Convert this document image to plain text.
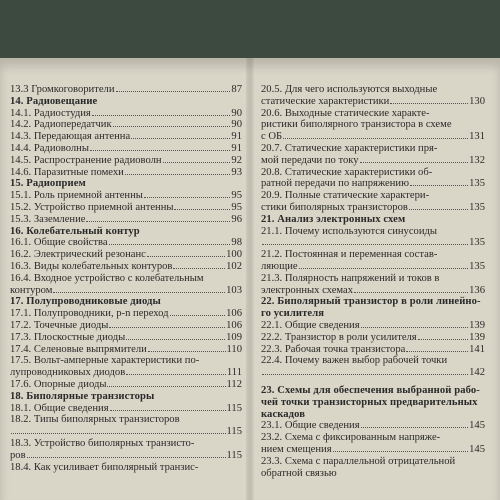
13.3 Громкоговорители	87
14. Радиовещание
14.1. Радиостудия	90
14.2. Радиопередатчик	90
14.3. Передающая антенна	91
14.4. Радиоволны	91
14.5. Распространение радиоволн	92
14.6. Паразитные помехи	93
15. Радиоприем
15.1. Роль приемной антенны	95
15.2. Устройство приемной антенны	95
15.3. Заземление	96
16. Колебательный контур
16.1. Общие свойства	98
16.2. Электрический резонанс	100
16.3. Виды колебательных контуров	102
16.4. Входное устройство с колебательным
контуром	103
17. Полупроводниковые диоды
17.1. Полупроводники, p-n переход	106
17.2. Точечные диоды	106
17.3. Плоскостные диоды	109
17.4. Селеновые выпрямители	110
17.5. Вольт-амперные характеристики по-
лупроводниковых диодов	111
17.6. Опорные диоды	112
18. Биполярные транзисторы
18.1. Общие сведения	115
18.2. Типы биполярных транзисторов
115
18.3. Устройство биполярных транзисто-
ров	115
18.4. Как усиливает биполярный транзис-
20.5. Для чего используются выходные
статические характеристики	130
20.6. Выходные статические характе-
ристики биполярного транзистора в схеме
с ОБ	131
20.7. Статические характеристики пря-
мой передачи по току	132
20.8. Статические характеристики об-
ратной передачи по напряжению	135
20.9. Полные статические характери-
стики биполярных транзисторов	135
21. Анализ электронных схем
21.1. Почему используются синусоиды
135
21.2. Постоянная и переменная состав-
ляющие	135
21.3. Полярность напряжений и токов в
электронных схемах	136
22. Биполярный транзистор в роли линейно-
го усилителя
22.1. Общие сведения	139
22.2. Транзистор в роли усилителя	139
22.3. Рабочая точка транзистора	141
22.4. Почему важен выбор рабочей точки
142
23. Схемы для обеспечения выбранной рабо-
чей точки транзисторных предварительных
каскадов
23.1. Общие сведения	145
23.2. Схема с фиксированным напряже-
нием смещения	145
23.3. Схема с параллельной отрицательной
обратной связью
